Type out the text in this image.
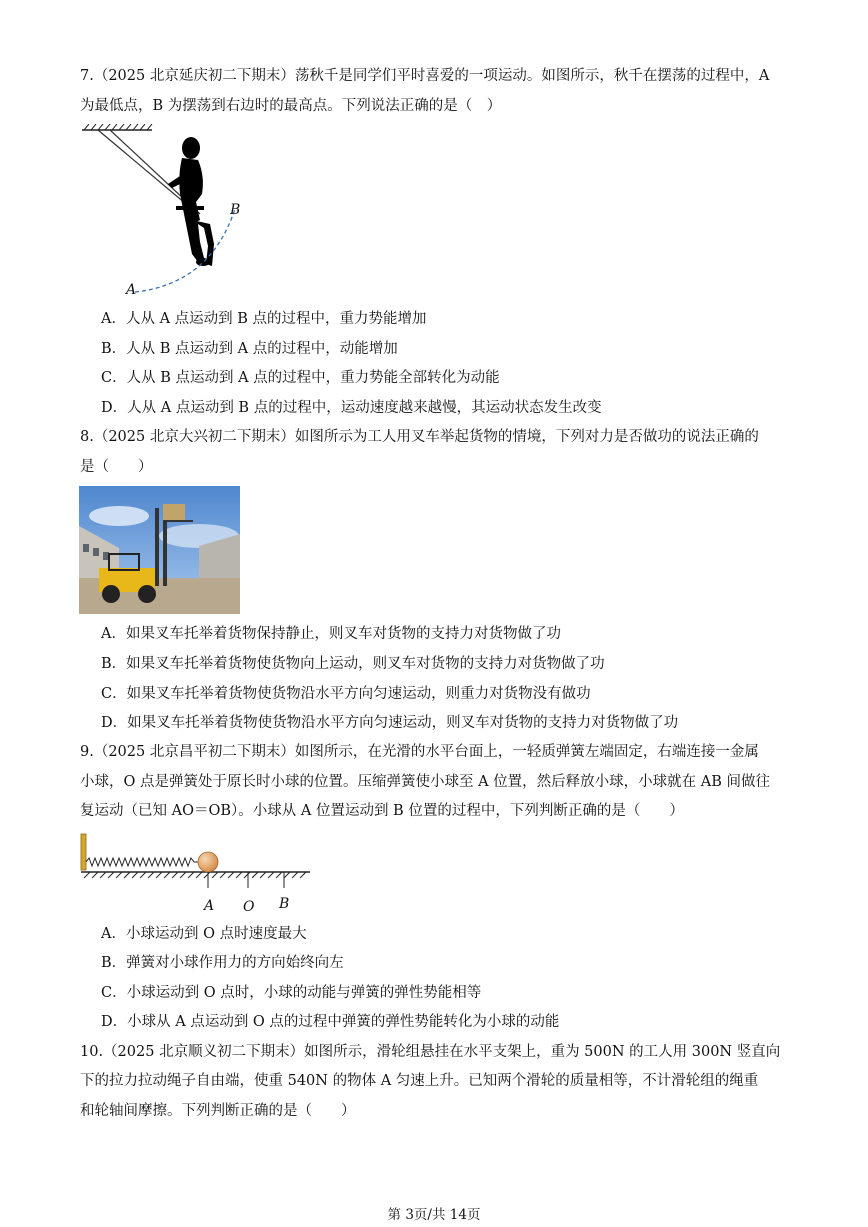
7.（2025 北京延庆初二下期末）荡秋千是同学们平时喜爱的一项运动。如图所示，秋千在摆荡的过程中，A
为最低点，B 为摆荡到右边时的最高点。下列说法正确的是（　）
A
B
A．人从 A 点运动到 B 点的过程中，重力势能增加
B．人从 B 点运动到 A 点的过程中，动能增加
C．人从 B 点运动到 A 点的过程中，重力势能全部转化为动能
D．人从 A 点运动到 B 点的过程中，运动速度越来越慢，其运动状态发生改变
8.（2025 北京大兴初二下期末）如图所示为工人用叉车举起货物的情境，下列对力是否做功的说法正确的
是（　　）
A．如果叉车托举着货物保持静止，则叉车对货物的支持力对货物做了功
B．如果叉车托举着货物使货物向上运动，则叉车对货物的支持力对货物做了功
C．如果叉车托举着货物使货物沿水平方向匀速运动，则重力对货物没有做功
D．如果叉车托举着货物使货物沿水平方向匀速运动，则叉车对货物的支持力对货物做了功
9.（2025 北京昌平初二下期末）如图所示，在光滑的水平台面上，一轻质弹簧左端固定，右端连接一金属
小球，O 点是弹簧处于原长时小球的位置。压缩弹簧使小球至 A 位置，然后释放小球，小球就在 AB 间做往
复运动（已知 AO＝OB）。小球从 A 位置运动到 B 位置的过程中，下列判断正确的是（　　）
A O B
A．小球运动到 O 点时速度最大
B．弹簧对小球作用力的方向始终向左
C．小球运动到 O 点时，小球的动能与弹簧的弹性势能相等
D．小球从 A 点运动到 O 点的过程中弹簧的弹性势能转化为小球的动能
10.（2025 北京顺义初二下期末）如图所示，滑轮组悬挂在水平支架上，重为 500N 的工人用 300N 竖直向
下的拉力拉动绳子自由端，使重 540N 的物体 A 匀速上升。已知两个滑轮的质量相等，不计滑轮组的绳重
和轮轴间摩擦。下列判断正确的是（　　）
第 3页/共 14页
